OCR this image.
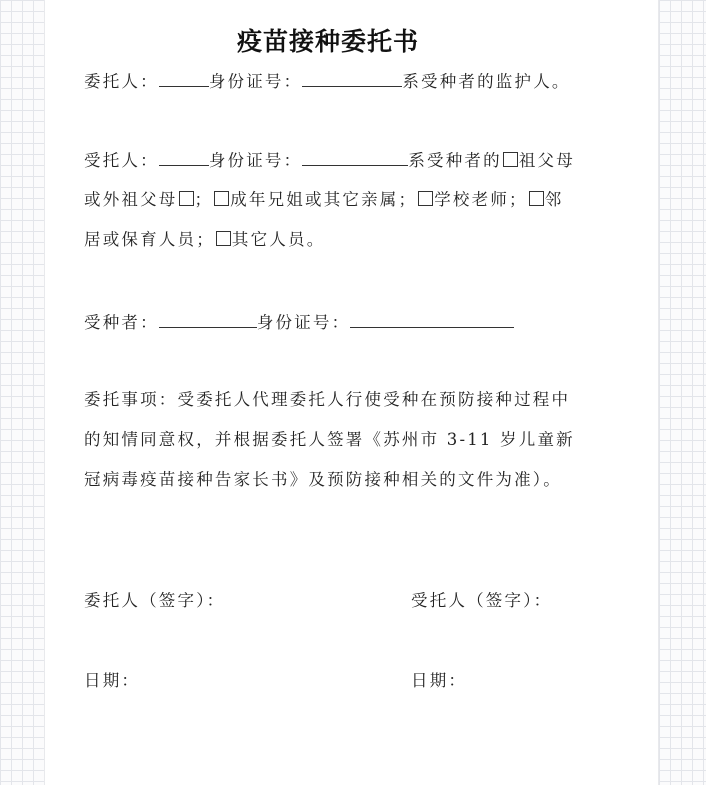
疫苗接种委托书
委托人：	身份证号：	系受种者的监护人。
受托人：	身份证号：	系受种者的 祖父母
或外祖父母 ； 成年兄姐或其它亲属； 学校老师； 邻
居或保育人员； 其它人员。
受种者：	身份证号：
委托事项：受委托人代理委托人行使受种在预防接种过程中
的知情同意权，并根据委托人签署《苏州市 3-11 岁儿童新
冠病毒疫苗接种告家长书》及预防接种相关的文件为准）。
委托人（签字）：	受托人（签字）：
日期：	日期：
